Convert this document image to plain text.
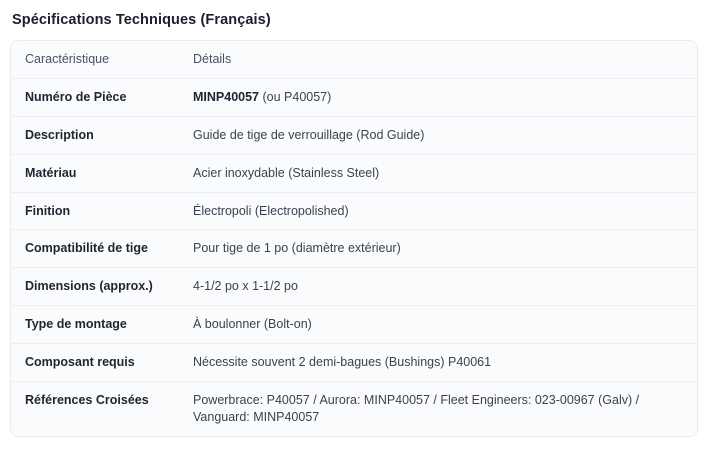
Spécifications Techniques (Français)
Caractéristique	Détails
Numéro de Pièce	MINP40057 (ou P40057)
Description	Guide de tige de verrouillage (Rod Guide)
Matériau	Acier inoxydable (Stainless Steel)
Finition	Électropoli (Electropolished)
Compatibilité de tige	Pour tige de 1 po (diamètre extérieur)
Dimensions (approx.)	4-1/2 po x 1-1/2 po
Type de montage	À boulonner (Bolt-on)
Composant requis	Nécessite souvent 2 demi-bagues (Bushings) P40061
Références Croisées	Powerbrace: P40057 / Aurora: MINP40057 / Fleet Engineers: 023-00967 (Galv) / Vanguard: MINP40057
